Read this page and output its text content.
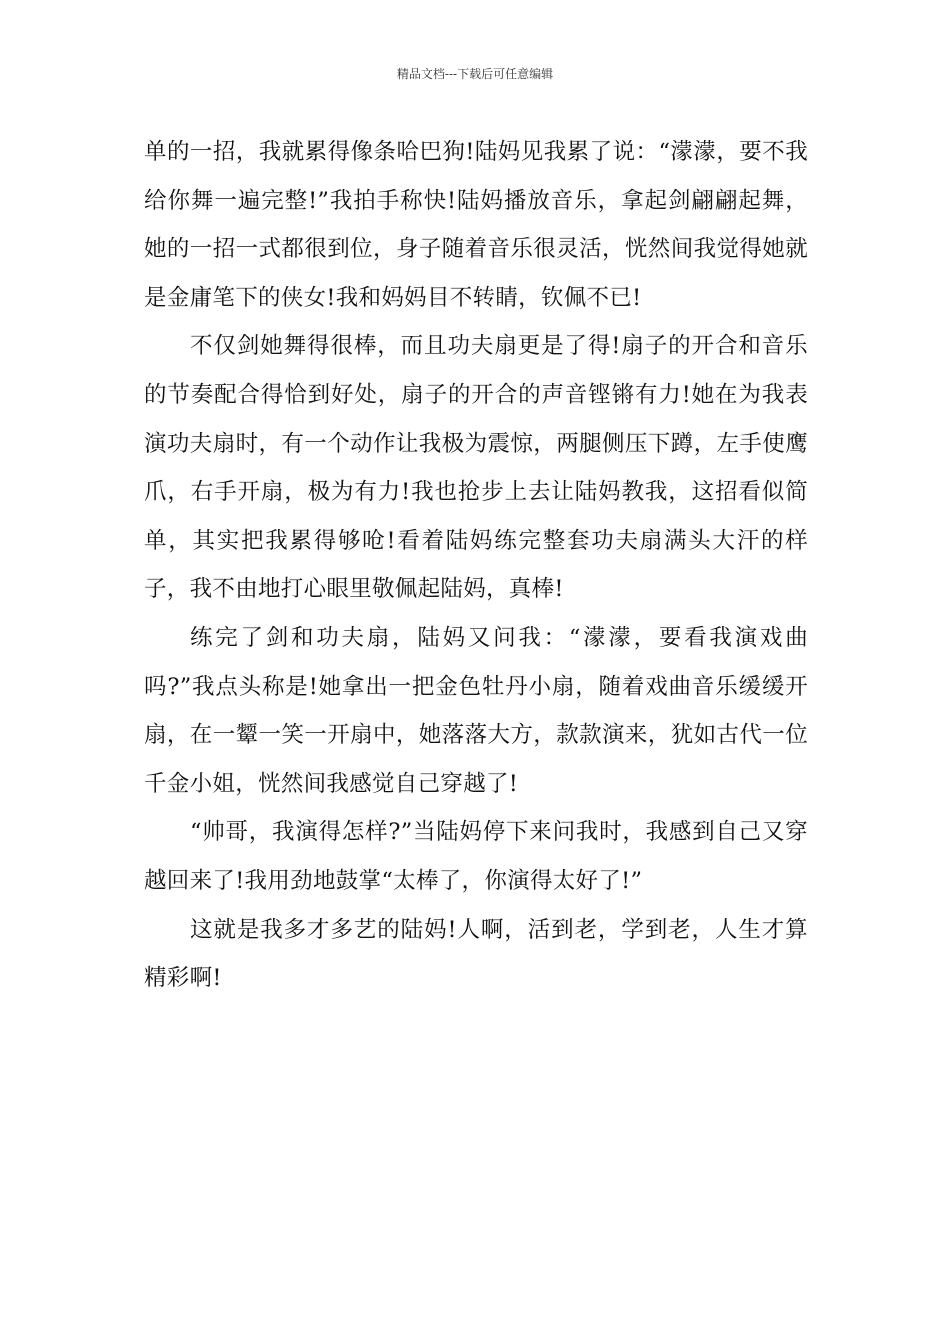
精品文档---下载后可任意编辑

单的一招，我就累得像条哈巴狗!陆妈见我累了说：“濛濛，要不我给你舞一遍完整!”我拍手称快!陆妈播放音乐，拿起剑翩翩起舞，她的一招一式都很到位，身子随着音乐很灵活，恍然间我觉得她就是金庸笔下的侠女!我和妈妈目不转睛，钦佩不已!

不仅剑她舞得很棒，而且功夫扇更是了得!扇子的开合和音乐的节奏配合得恰到好处，扇子的开合的声音铿锵有力!她在为我表演功夫扇时，有一个动作让我极为震惊，两腿侧压下蹲，左手使鹰爪，右手开扇，极为有力!我也抢步上去让陆妈教我，这招看似简单，其实把我累得够呛!看着陆妈练完整套功夫扇满头大汗的样子，我不由地打心眼里敬佩起陆妈，真棒!

练完了剑和功夫扇，陆妈又问我：“濛濛，要看我演戏曲吗?”我点头称是!她拿出一把金色牡丹小扇，随着戏曲音乐缓缓开扇，在一颦一笑一开扇中，她落落大方，款款演来，犹如古代一位千金小姐，恍然间我感觉自己穿越了!

“帅哥，我演得怎样?”当陆妈停下来问我时，我感到自己又穿越回来了!我用劲地鼓掌“太棒了，你演得太好了!”

这就是我多才多艺的陆妈!人啊，活到老，学到老，人生才算精彩啊!
